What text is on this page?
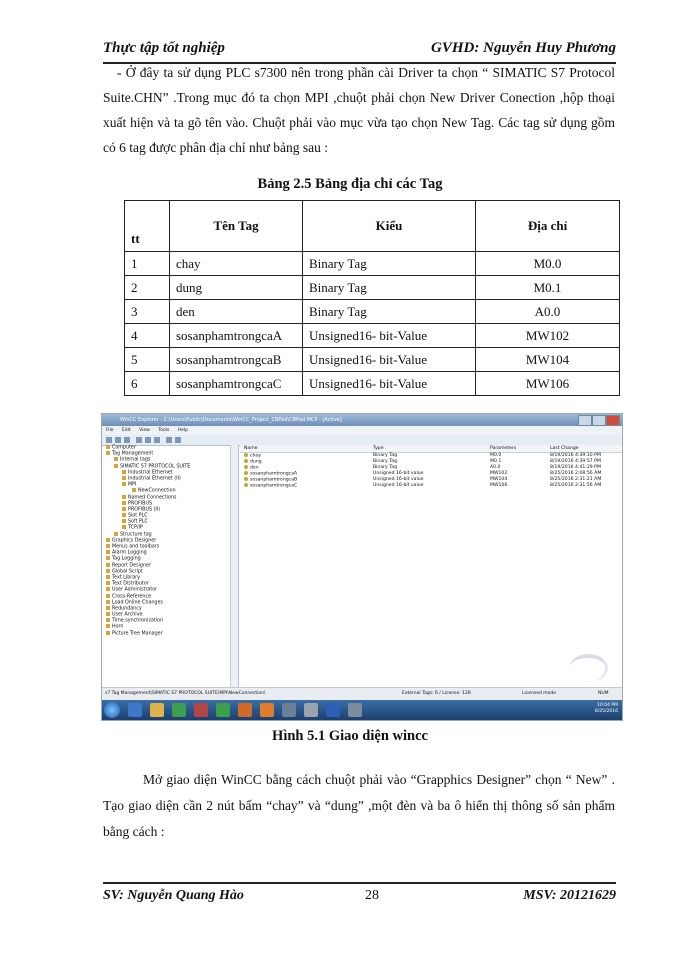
Thực tập tốt nghiệp	GVHD: Nguyễn Huy Phương

- Ở đây ta sử dụng PLC s7300 nên trong phần cài Driver ta chọn “ SIMATIC S7 Protocol Suite.CHN” .Trong mục đó ta chọn MPI ,chuột phải chọn New Driver Conection ,hộp thoại xuất hiện và ta gõ tên vào. Chuột phải vào mục vừa tạo chọn New Tag. Các tag sử dụng gồm có 6 tag được phân địa chỉ như bảng sau :

Bảng 2.5 Bảng địa chỉ các Tag
tt	Tên Tag	Kiểu	Địa chỉ
1	chay	Binary Tag	M0.0
2	dung	Binary Tag	M0.1
3	den	Binary Tag	A0.0
4	sosanphamtrongcaA	Unsigned16- bit-Value	MW102
5	sosanphamtrongcaB	Unsigned16- bit-Value	MW104
6	sosanphamtrongcaC	Unsigned16- bit-Value	MW106
WinCC Explorer - C:\Users\Public\Documents\WinCC_Project_CBPad\CBPad.MCP - [Active]
File Edit View Tools Help
Computer
Tag Management
Internal tags
SIMATIC S7 PROTOCOL SUITE
Industrial Ethernet
Industrial Ethernet (II)
MPI
NewConnection
Named Connections
PROFIBUS
PROFIBUS (II)
Slot PLC
Soft PLC
TCP/IP
Structure tag
Graphics Designer
Menus and toolbars
Alarm Logging
Tag Logging
Report Designer
Global Script
Text Library
Text Distributor
User Administrator
Cross-Reference
Load Online Changes
Redundancy
User Archive
Time synchronization
Horn
Picture Tree Manager
Name	Type	Parameters	Last Change
chay	Binary Tag	M0.0	8/19/2016 4:39:10 PM
dung	Binary Tag	M0.1	8/19/2016 4:39:57 PM
den	Binary Tag	A0.0	8/19/2016 4:41:29 PM
sosanphamtrongcaA	Unsigned 16-bit value	MW102	8/25/2016 2:08:56 AM
sosanphamtrongcaB	Unsigned 16-bit value	MW104	8/25/2016 2:31:21 AM
sosanphamtrongcaC	Unsigned 16-bit value	MW106	8/25/2016 2:31:56 AM
s7 Tag Management\SIMATIC S7 PROTOCOL SUITE\MPI\NewConnection\	External Tags: 6 / License: 128	Licensed mode	NUM
10:04 PM
8/25/2016
Hình 5.1 Giao diện wincc

Mở giao diện WinCC bằng cách chuột phải vào “Grapphics Designer” chọn “ New” . Tạo giao diện cần 2 nút bấm “chay” và “dung” ,một đèn và ba ô hiển thị thông số sản phẩm bằng cách :

SV: Nguyễn Quang Hào	28	MSV: 20121629
